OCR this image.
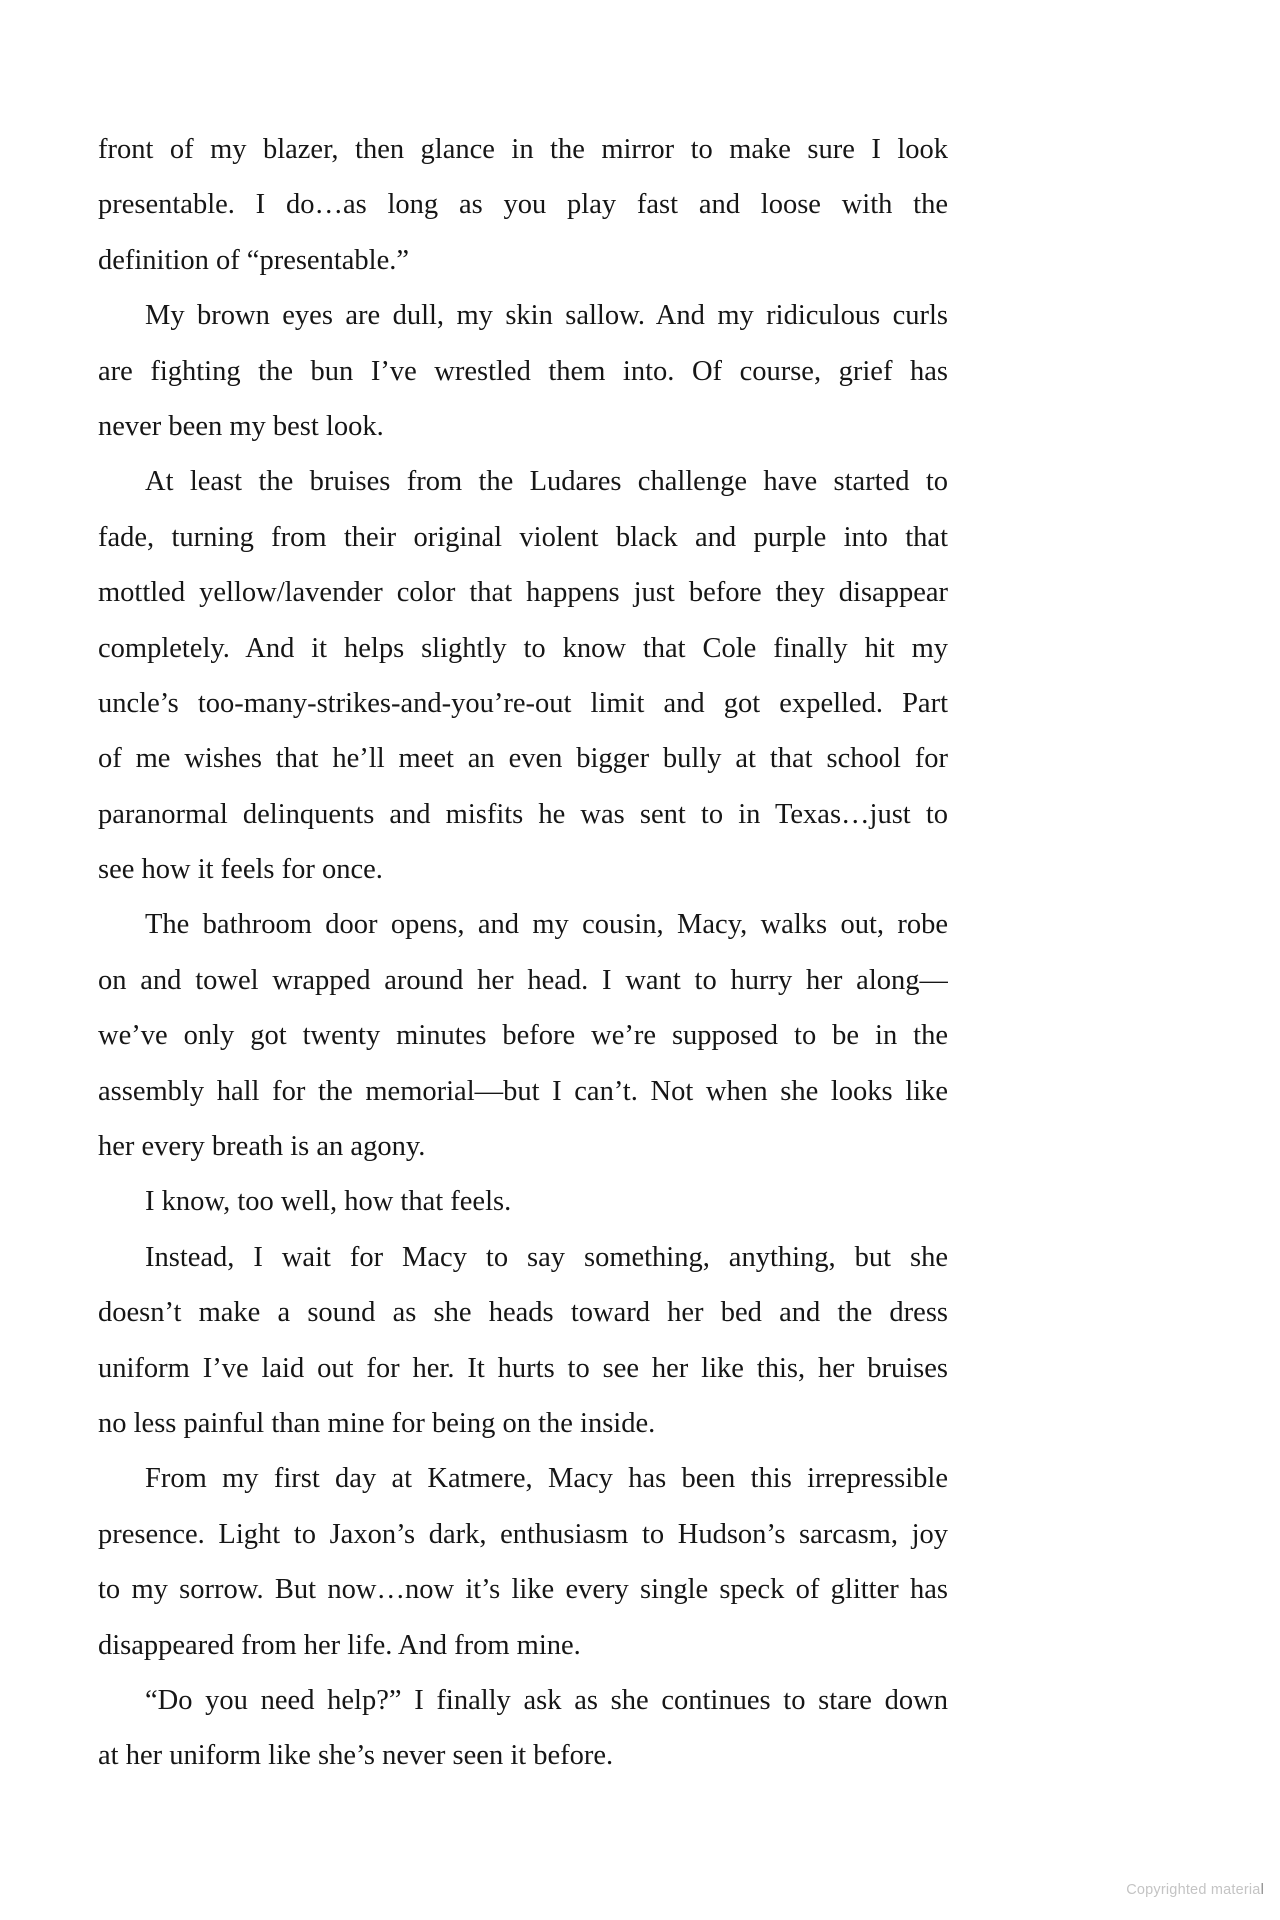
front of my blazer, then glance in the mirror to make sure I look
presentable. I do…as long as you play fast and loose with the
definition of “presentable.”
My brown eyes are dull, my skin sallow. And my ridiculous curls
are fighting the bun I’ve wrestled them into. Of course, grief has
never been my best look.
At least the bruises from the Ludares challenge have started to
fade, turning from their original violent black and purple into that
mottled yellow/lavender color that happens just before they disappear
completely. And it helps slightly to know that Cole finally hit my
uncle’s too-many-strikes-and-you’re-out limit and got expelled. Part
of me wishes that he’ll meet an even bigger bully at that school for
paranormal delinquents and misfits he was sent to in Texas…just to
see how it feels for once.
The bathroom door opens, and my cousin, Macy, walks out, robe
on and towel wrapped around her head. I want to hurry her along—
we’ve only got twenty minutes before we’re supposed to be in the
assembly hall for the memorial—but I can’t. Not when she looks like
her every breath is an agony.
I know, too well, how that feels.
Instead, I wait for Macy to say something, anything, but she
doesn’t make a sound as she heads toward her bed and the dress
uniform I’ve laid out for her. It hurts to see her like this, her bruises
no less painful than mine for being on the inside.
From my first day at Katmere, Macy has been this irrepressible
presence. Light to Jaxon’s dark, enthusiasm to Hudson’s sarcasm, joy
to my sorrow. But now…now it’s like every single speck of glitter has
disappeared from her life. And from mine.
“Do you need help?” I finally ask as she continues to stare down
at her uniform like she’s never seen it before.
Copyrighted material
